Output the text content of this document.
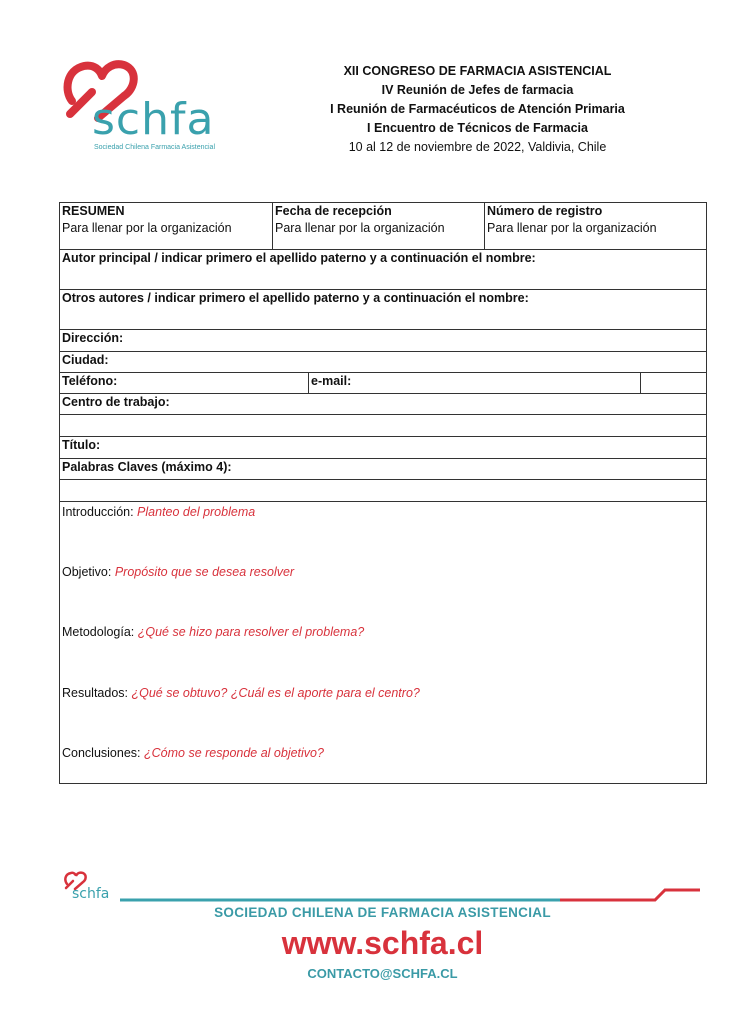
schfa
Sociedad Chilena Farmacia Asistencial
XII CONGRESO DE FARMACIA ASISTENCIAL
IV Reunión de Jefes de farmacia
I Reunión de Farmacéuticos de Atención Primaria
I Encuentro de Técnicos de Farmacia
10 al 12 de noviembre de 2022, Valdivia, Chile
RESUMEN
Para llenar por la organización
Fecha de recepción
Para llenar por la organización
Número de registro
Para llenar por la organización
Autor principal / indicar primero el apellido paterno y a continuación el nombre:
Otros autores / indicar primero el apellido paterno y a continuación el nombre:
Dirección:
Ciudad:
Teléfono:	e-mail:
Centro de trabajo:
Título:
Palabras Claves (máximo 4):
Introducción: Planteo del problema
Objetivo: Propósito que se desea resolver
Metodología: ¿Qué se hizo para resolver el problema?
Resultados: ¿Qué se obtuvo? ¿Cuál es el aporte para el centro?
Conclusiones: ¿Cómo se responde al objetivo?
schfa
SOCIEDAD CHILENA DE FARMACIA ASISTENCIAL
www.schfa.cl
CONTACTO@SCHFA.CL
